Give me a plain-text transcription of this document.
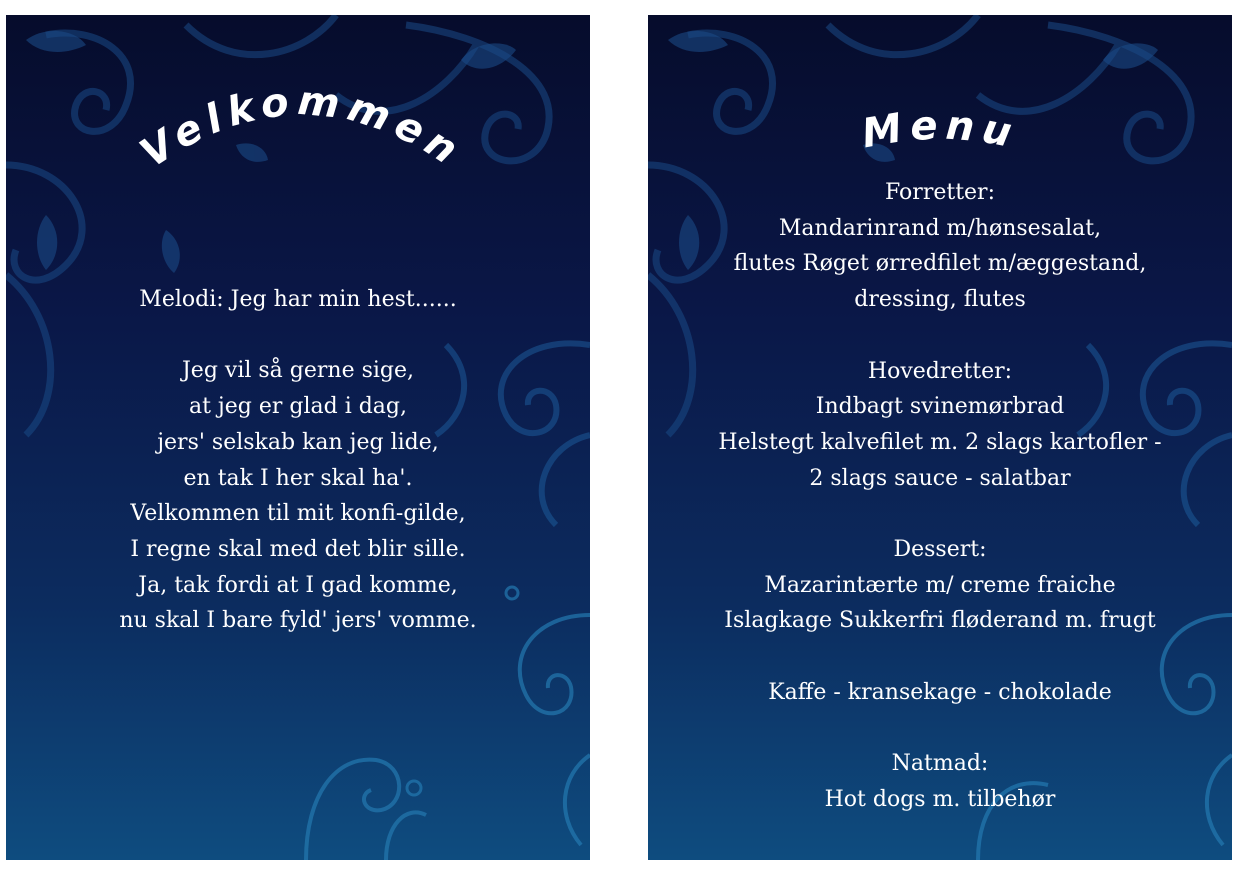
Velkommen
Melodi: Jeg har min hest......
Jeg vil så gerne sige,
at jeg er glad i dag,
jers' selskab kan jeg lide,
en tak I her skal ha'.
Velkommen til mit konfi-gilde,
I regne skal med det blir sille.
Ja, tak fordi at I gad komme,
nu skal I bare fyld' jers' vomme.
Menu
Forretter:
Mandarinrand m/hønsesalat,
flutes Røget ørredfilet m/æggestand,
dressing, flutes
Hovedretter:
Indbagt svinemørbrad
Helstegt kalvefilet m. 2 slags kartofler -
2 slags sauce - salatbar
Dessert:
Mazarintærte m/ creme fraiche
Islagkage Sukkerfri fløderand m. frugt
Kaffe - kransekage - chokolade
Natmad:
Hot dogs m. tilbehør
